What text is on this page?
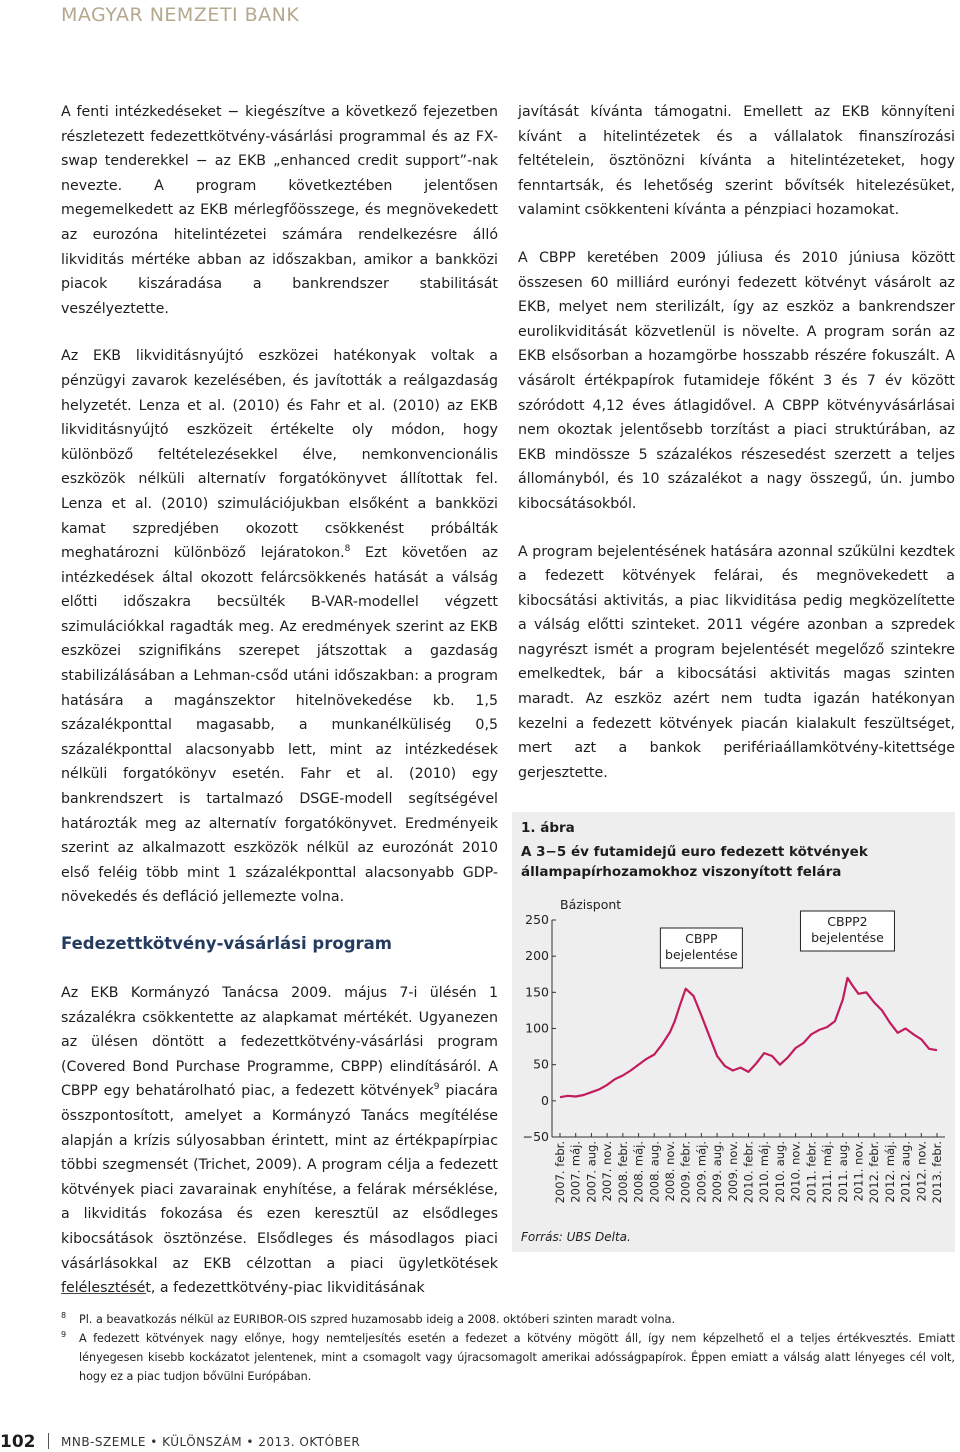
MAGYAR NEMZETI BANK

A fenti intézkedéseket − kiegészítve a következő fejezetben részletezett fedezettkötvény-vásárlási programmal és az FX-swap tenderekkel − az EKB „enhanced credit support”-nak nevezte. A program következtében jelentősen megemelkedett az EKB mérlegfőösszege, és megnövekedett az eurozóna hitelintézetei számára rendelkezésre álló likviditás mértéke abban az időszakban, amikor a bankközi piacok kiszáradása a bankrendszer stabilitását veszélyeztette.

Az EKB likviditásnyújtó eszközei hatékonyak voltak a pénzügyi zavarok kezelésében, és javították a reálgazdaság helyzetét. Lenza et al. (2010) és Fahr et al. (2010) az EKB likviditásnyújtó eszközeit értékelte oly módon, hogy különböző feltételezésekkel élve, nemkonvencionális eszközök nélküli alternatív forgatókönyvet állítottak fel. Lenza et al. (2010) szimulációjukban elsőként a bankközi kamat szpredjében okozott csökkenést próbálták meghatározni különböző lejáratokon.$^8$ Ezt követően az intézkedések által okozott felárcsökkenés hatását a válság előtti időszakra becsülték B-VAR-modellel végzett szimulációkkal ragadták meg. Az eredmények szerint az EKB eszközei szignifikáns szerepet játszottak a gazdaság stabilizálásában a Lehman-csőd utáni időszakban: a program hatására a magánszektor hitelnövekedése kb. 1,5 százalékponttal magasabb, a munkanélküliség 0,5 százalékponttal alacsonyabb lett, mint az intézkedések nélküli forgatókönyv esetén. Fahr et al. (2010) egy bankrendszert is tartalmazó DSGE-modell segítségével határozták meg az alternatív forgatókönyvet. Eredményeik szerint az alkalmazott eszközök nélkül az eurozónát 2010 első feléig több mint 1 százalékponttal alacsonyabb GDP-növekedés és defláció jellemezte volna.

Fedezettkötvény-vásárlási program

Az EKB Kormányzó Tanácsa 2009. május 7-i ülésén 1 százalékra csökkentette az alapkamat mértékét. Ugyanezen az ülésen döntött a fedezettkötvény-vásárlási program (Covered Bond Purchase Programme, CBPP) elindításáról. A CBPP egy behatárolható piac, a fedezett kötvények$^9$ piacára összpontosított, amelyet a Kormányzó Tanács megítélése alapján a krízis súlyosabban érintett, mint az értékpapírpiac többi szegmensét (Trichet, 2009). A program célja a fedezett kötvények piaci zavarainak enyhítése, a felárak mérséklése, a likviditás fokozása és ezen keresztül az elsődleges kibocsátások ösztönzése. Elsődleges és másodlagos piaci vásárlásokkal az EKB célzottan a piaci ügyletkötések felélesztését, a fedezettkötvény-piac likviditásának

javítását kívánta támogatni. Emellett az EKB könnyíteni kívánt a hitelintézetek és a vállalatok finanszírozási feltételein, ösztönözni kívánta a hitelintézeteket, hogy fenntartsák, és lehetőség szerint bővítsék hitelezésüket, valamint csökkenteni kívánta a pénzpiaci hozamokat.

A CBPP keretében 2009 júliusa és 2010 júniusa között összesen 60 milliárd eurónyi fedezett kötvényt vásárolt az EKB, melyet nem sterilizált, így az eszköz a bankrendszer eurolikviditását közvetlenül is növelte. A program során az EKB elsősorban a hozamgörbe hosszabb részére fokuszált. A vásárolt értékpapírok futamideje főként 3 és 7 év között szóródott 4,12 éves átlagidővel. A CBPP kötvényvásárlásai nem okoztak jelentősebb torzítást a piaci struktúrában, az EKB mindössze 5 százalékos részesedést szerzett a teljes állományból, és 10 százalékot a nagy összegű, ún. jumbo kibocsátásokból.

A program bejelentésének hatására azonnal szűkülni kezdtek a fedezett kötvények felárai, és megnövekedett a kibocsátási aktivitás, a piac likviditása pedig megközelítette a válság előtti szinteket. 2011 végére azonban a szpredek nagyrészt ismét a program bejelentését megelőző szintekre emelkedtek, bár a kibocsátási aktivitás magas szinten maradt. Az eszköz azért nem tudta igazán hatékonyan kezelni a fedezett kötvények piacán kialakult feszültséget, mert azt a bankok perifériaállamkötvény-kitettsége gerjesztette.

1. ábra
A 3−5 év futamidejű euro fedezett kötvények állampapírhozamokhoz viszonyított felára
Bázispont
250
200
150
100
50
0
−50
2007. febr. 2007. máj. 2007. aug. 2007. nov. 2008. febr. 2008. máj. 2008. aug. 2008. nov. 2009. febr. 2009. máj. 2009. aug. 2009. nov. 2010. febr. 2010. máj. 2010. aug. 2010. nov. 2011. febr. 2011. máj. 2011. aug. 2011. nov. 2012. febr. 2012. máj. 2012. aug. 2012. nov. 2013. febr.
CBPP
bejelentése
CBPP2
bejelentése
Forrás: UBS Delta.
8 Pl. a beavatkozás nélkül az EURIBOR-OIS szpred huzamosabb ideig a 2008. októberi szinten maradt volna.
9 A fedezett kötvények nagy előnye, hogy nemteljesítés esetén a fedezet a kötvény mögött áll, így nem képzelhető el a teljes értékvesztés. Emiatt lényegesen kisebb kockázatot jelentenek, mint a csomagolt vagy újracsomagolt amerikai adósságpapírok. Éppen emiatt a válság alatt lényeges cél volt, hogy ez a piac tudjon bővülni Európában.
102 MNB-SZEMLE • KÜLÖNSZÁM • 2013. OKTÓBER
